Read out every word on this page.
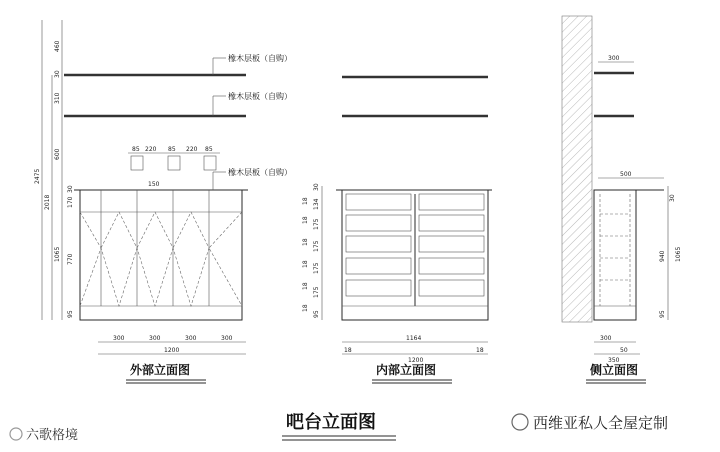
85 220 85 220 85
150
橡木层板（自购）
橡木层板（自购）
橡木层板（自购）
2475
2018
460
30
310
600
30
170
1065 770
95
300	300	300	300
1200
外部立面图
30
18 134
18 175
18 175
18 175
18
175
18
95
1164
18	18
1200
内部立面图
300
500
30
940 1065
95
300
50
350
侧立面图
吧台立面图
六歌格境
西维亚私人全屋定制
